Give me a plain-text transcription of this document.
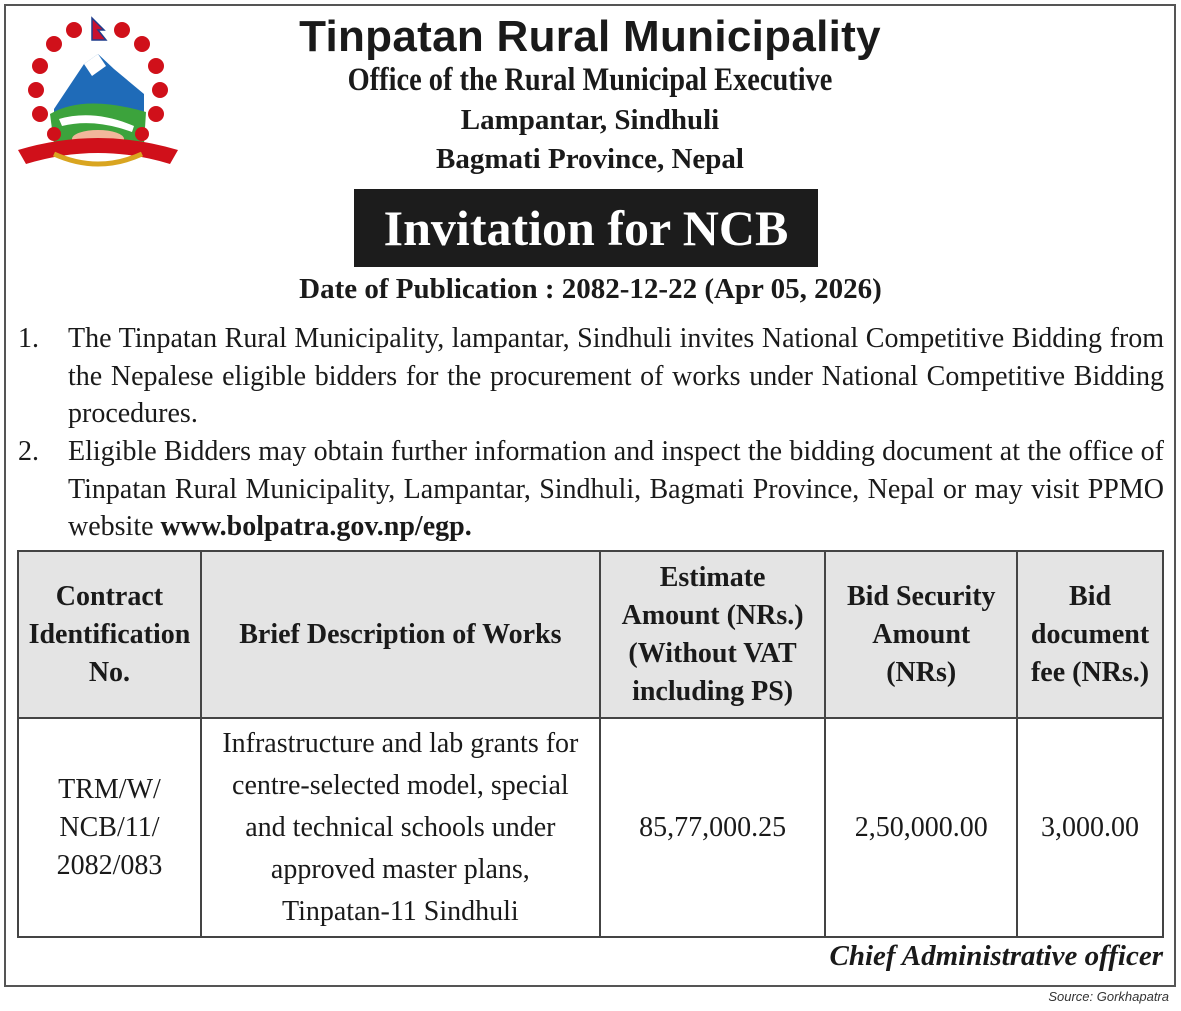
Tinpatan Rural Municipality
Office of the Rural Municipal Executive
Lampantar, Sindhuli
Bagmati Province, Nepal
Invitation for NCB
Date of Publication : 2082-12-22 (Apr 05, 2026)
1. The Tinpatan Rural Municipality, lampantar, Sindhuli invites National Competitive Bidding from the Nepalese eligible bidders for the procurement of works under National Competitive Bidding procedures.
2. Eligible Bidders may obtain further information and inspect the bidding document at the office of Tinpatan Rural Municipality, Lampantar, Sindhuli, Bagmati Province, Nepal or may visit PPMO website www.bolpatra.gov.np/egp.
Contract Identification No.	Brief Description of Works	Estimate Amount (NRs.) (Without VAT including PS)	Bid Security Amount (NRs)	Bid document fee (NRs.)
TRM/W/ NCB/11/ 2082/083	Infrastructure and lab grants for centre-selected model, special and technical schools under approved master plans, Tinpatan-11 Sindhuli	85,77,000.25	2,50,000.00	3,000.00
Chief Administrative officer
Source: Gorkhapatra
